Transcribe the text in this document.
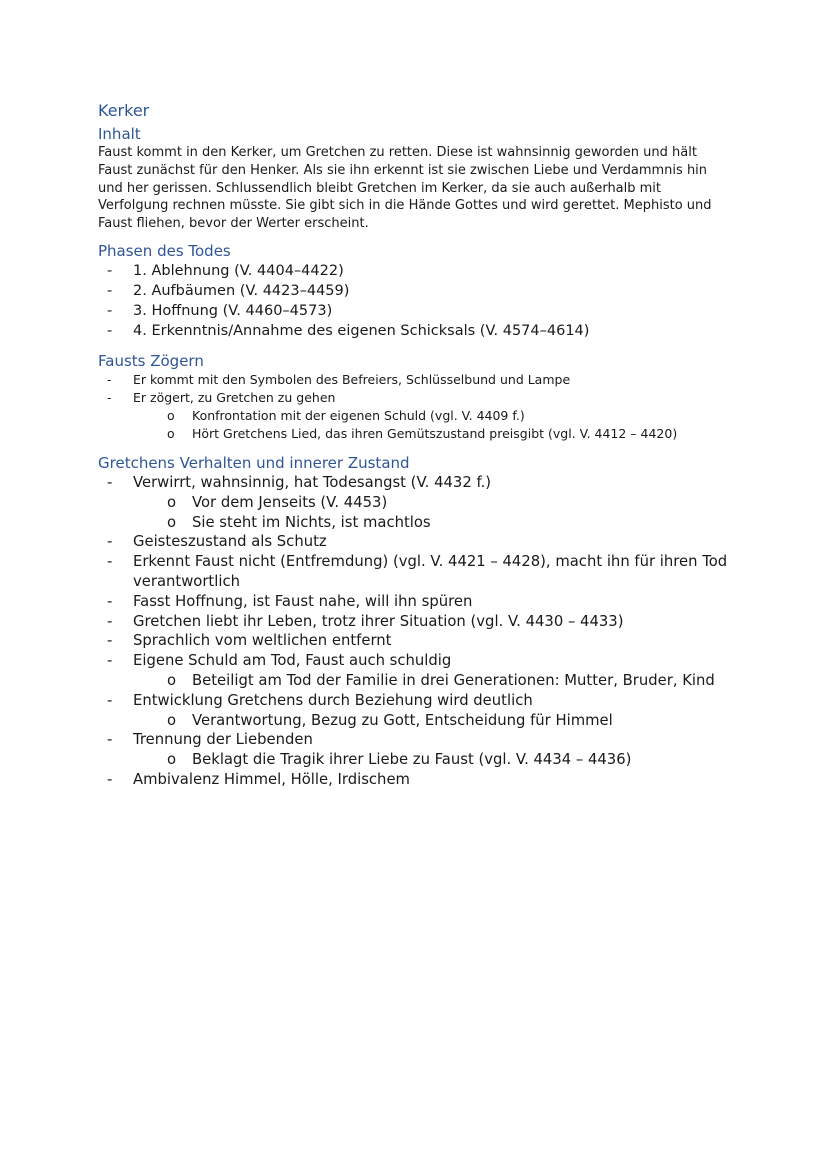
Kerker
Inhalt

Faust kommt in den Kerker, um Gretchen zu retten. Diese ist wahnsinnig geworden und hält
Faust zunächst für den Henker. Als sie ihn erkennt ist sie zwischen Liebe und Verdammnis hin
und her gerissen. Schlussendlich bleibt Gretchen im Kerker, da sie auch außerhalb mit
Verfolgung rechnen müsste. Sie gibt sich in die Hände Gottes und wird gerettet. Mephisto und
Faust fliehen, bevor der Werter erscheint.

Phasen des Todes
- 1. Ablehnung (V. 4404–4422)
- 2. Aufbäumen (V. 4423–4459)
- 3. Hoffnung (V. 4460–4573)
- 4. Erkenntnis/Annahme des eigenen Schicksals (V. 4574–4614)
Fausts Zögern
- Er kommt mit den Symbolen des Befreiers, Schlüsselbund und Lampe
- Er zögert, zu Gretchen zu gehen
o Konfrontation mit der eigenen Schuld (vgl. V. 4409 f.)
o Hört Gretchens Lied, das ihren Gemütszustand preisgibt (vgl. V. 4412 – 4420)
Gretchens Verhalten und innerer Zustand
- Verwirrt, wahnsinnig, hat Todesangst (V. 4432 f.)
o Vor dem Jenseits (V. 4453)
o Sie steht im Nichts, ist machtlos
- Geisteszustand als Schutz
- Erkennt Faust nicht (Entfremdung) (vgl. V. 4421 – 4428), macht ihn für ihren Tod
verantwortlich
- Fasst Hoffnung, ist Faust nahe, will ihn spüren
- Gretchen liebt ihr Leben, trotz ihrer Situation (vgl. V. 4430 – 4433)
- Sprachlich vom weltlichen entfernt
- Eigene Schuld am Tod, Faust auch schuldig
o Beteiligt am Tod der Familie in drei Generationen: Mutter, Bruder, Kind
- Entwicklung Gretchens durch Beziehung wird deutlich
o Verantwortung, Bezug zu Gott, Entscheidung für Himmel
- Trennung der Liebenden
o Beklagt die Tragik ihrer Liebe zu Faust (vgl. V. 4434 – 4436)
- Ambivalenz Himmel, Hölle, Irdischem
